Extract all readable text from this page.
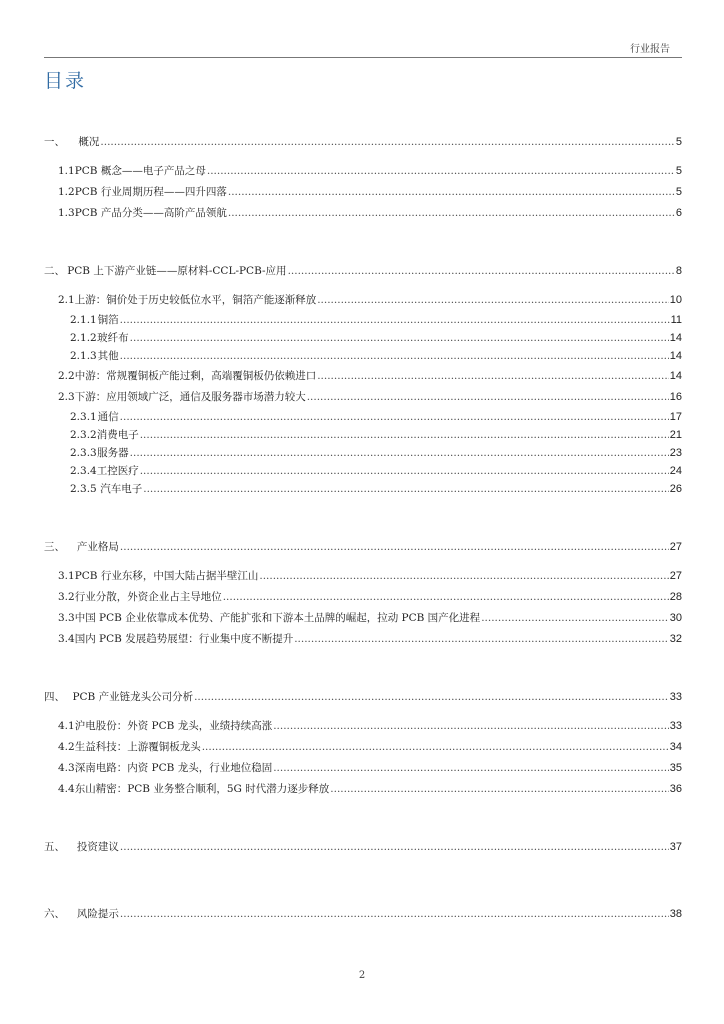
行业报告
目录
一、	概况 .....	5
1.1 PCB 概念——电子产品之母 .....	5
1.2 PCB 行业周期历程——四升四落 .....	5
1.3 PCB 产品分类——高阶产品领航 .....	6
二、 PCB 上下游产业链——原材料-CCL-PCB-应用 .....	8
2.1 上游：铜价处于历史较低位水平，铜箔产能逐渐释放 .....	10
2.1.1 铜箔 .....	11
2.1.2 玻纤布 .....	14
2.1.3 其他 .....	14
2.2 中游：常规覆铜板产能过剩，高端覆铜板仍依赖进口 .....	14
2.3 下游：应用领域广泛，通信及服务器市场潜力较大 .....	16
2.3.1 通信 .....	17
2.3.2 消费电子 .....	21
2.3.3 服务器 .....	23
2.3.4 工控医疗 .....	24
2.3.5 汽车电子 .....	26
三、	产业格局 .....	27
3.1 PCB 行业东移，中国大陆占据半壁江山 .....	27
3.2 行业分散，外资企业占主导地位 .....	28
3.3 中国 PCB 企业依靠成本优势、产能扩张和下游本土品牌的崛起，拉动 PCB 国产化进程 .....	30
3.4 国内 PCB 发展趋势展望：行业集中度不断提升 .....	32
四、 PCB 产业链龙头公司分析 .....	33
4.1 沪电股份：外资 PCB 龙头，业绩持续高涨 .....	33
4.2 生益科技：上游覆铜板龙头 .....	34
4.3 深南电路：内资 PCB 龙头，行业地位稳固 .....	35
4.4 东山精密：PCB 业务整合顺利，5G 时代潜力逐步释放 .....	36
五、	投资建议 .....	37
六、	风险提示 .....	38
2
